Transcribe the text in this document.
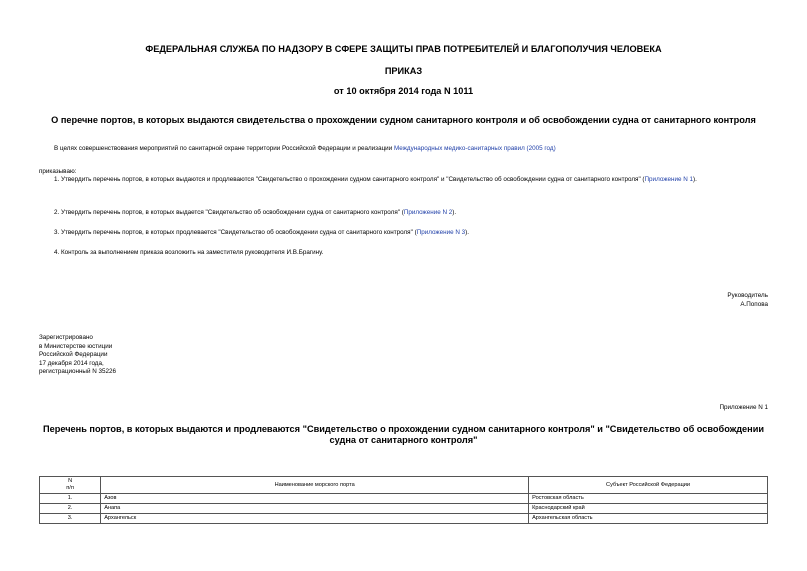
ФЕДЕРАЛЬНАЯ СЛУЖБА ПО НАДЗОРУ В СФЕРЕ ЗАЩИТЫ ПРАВ ПОТРЕБИТЕЛЕЙ И БЛАГОПОЛУЧИЯ ЧЕЛОВЕКА
ПРИКАЗ
от 10 октября 2014 года N 1011
О перечне портов, в которых выдаются свидетельства о прохождении судном санитарного контроля и об освобождении судна от санитарного контроля
В целях совершенствования мероприятий по санитарной охране территории Российской Федерации и реализации Международных медико-санитарных правил (2005 год)
приказываю:
1. Утвердить перечень портов, в которых выдаются и продлеваются "Свидетельство о прохождении судном санитарного контроля" и "Свидетельство об освобождении судна от санитарного контроля" (Приложение N 1).
2. Утвердить перечень портов, в которых выдается "Свидетельство об освобождении судна от санитарного контроля" (Приложение N 2).
3. Утвердить перечень портов, в которых продлевается "Свидетельство об освобождении судна от санитарного контроля" (Приложение N 3).
4. Контроль за выполнением приказа возложить на заместителя руководителя И.В.Брагину.
Руководитель
А.Попова
Зарегистрировано
в Министерстве юстиции
Российской Федерации
17 декабря 2014 года,
регистрационный N 35226
Приложение N 1
Перечень портов, в которых выдаются и продлеваются "Свидетельство о прохождении судном санитарного контроля" и "Свидетельство об освобождении судна от санитарного контроля"
N
п/п	Наименование морского порта	Субъект Российской Федерации
1.	Азов	Ростовская область
2.	Анапа	Краснодарский край
3.	Архангельск	Архангельская область
